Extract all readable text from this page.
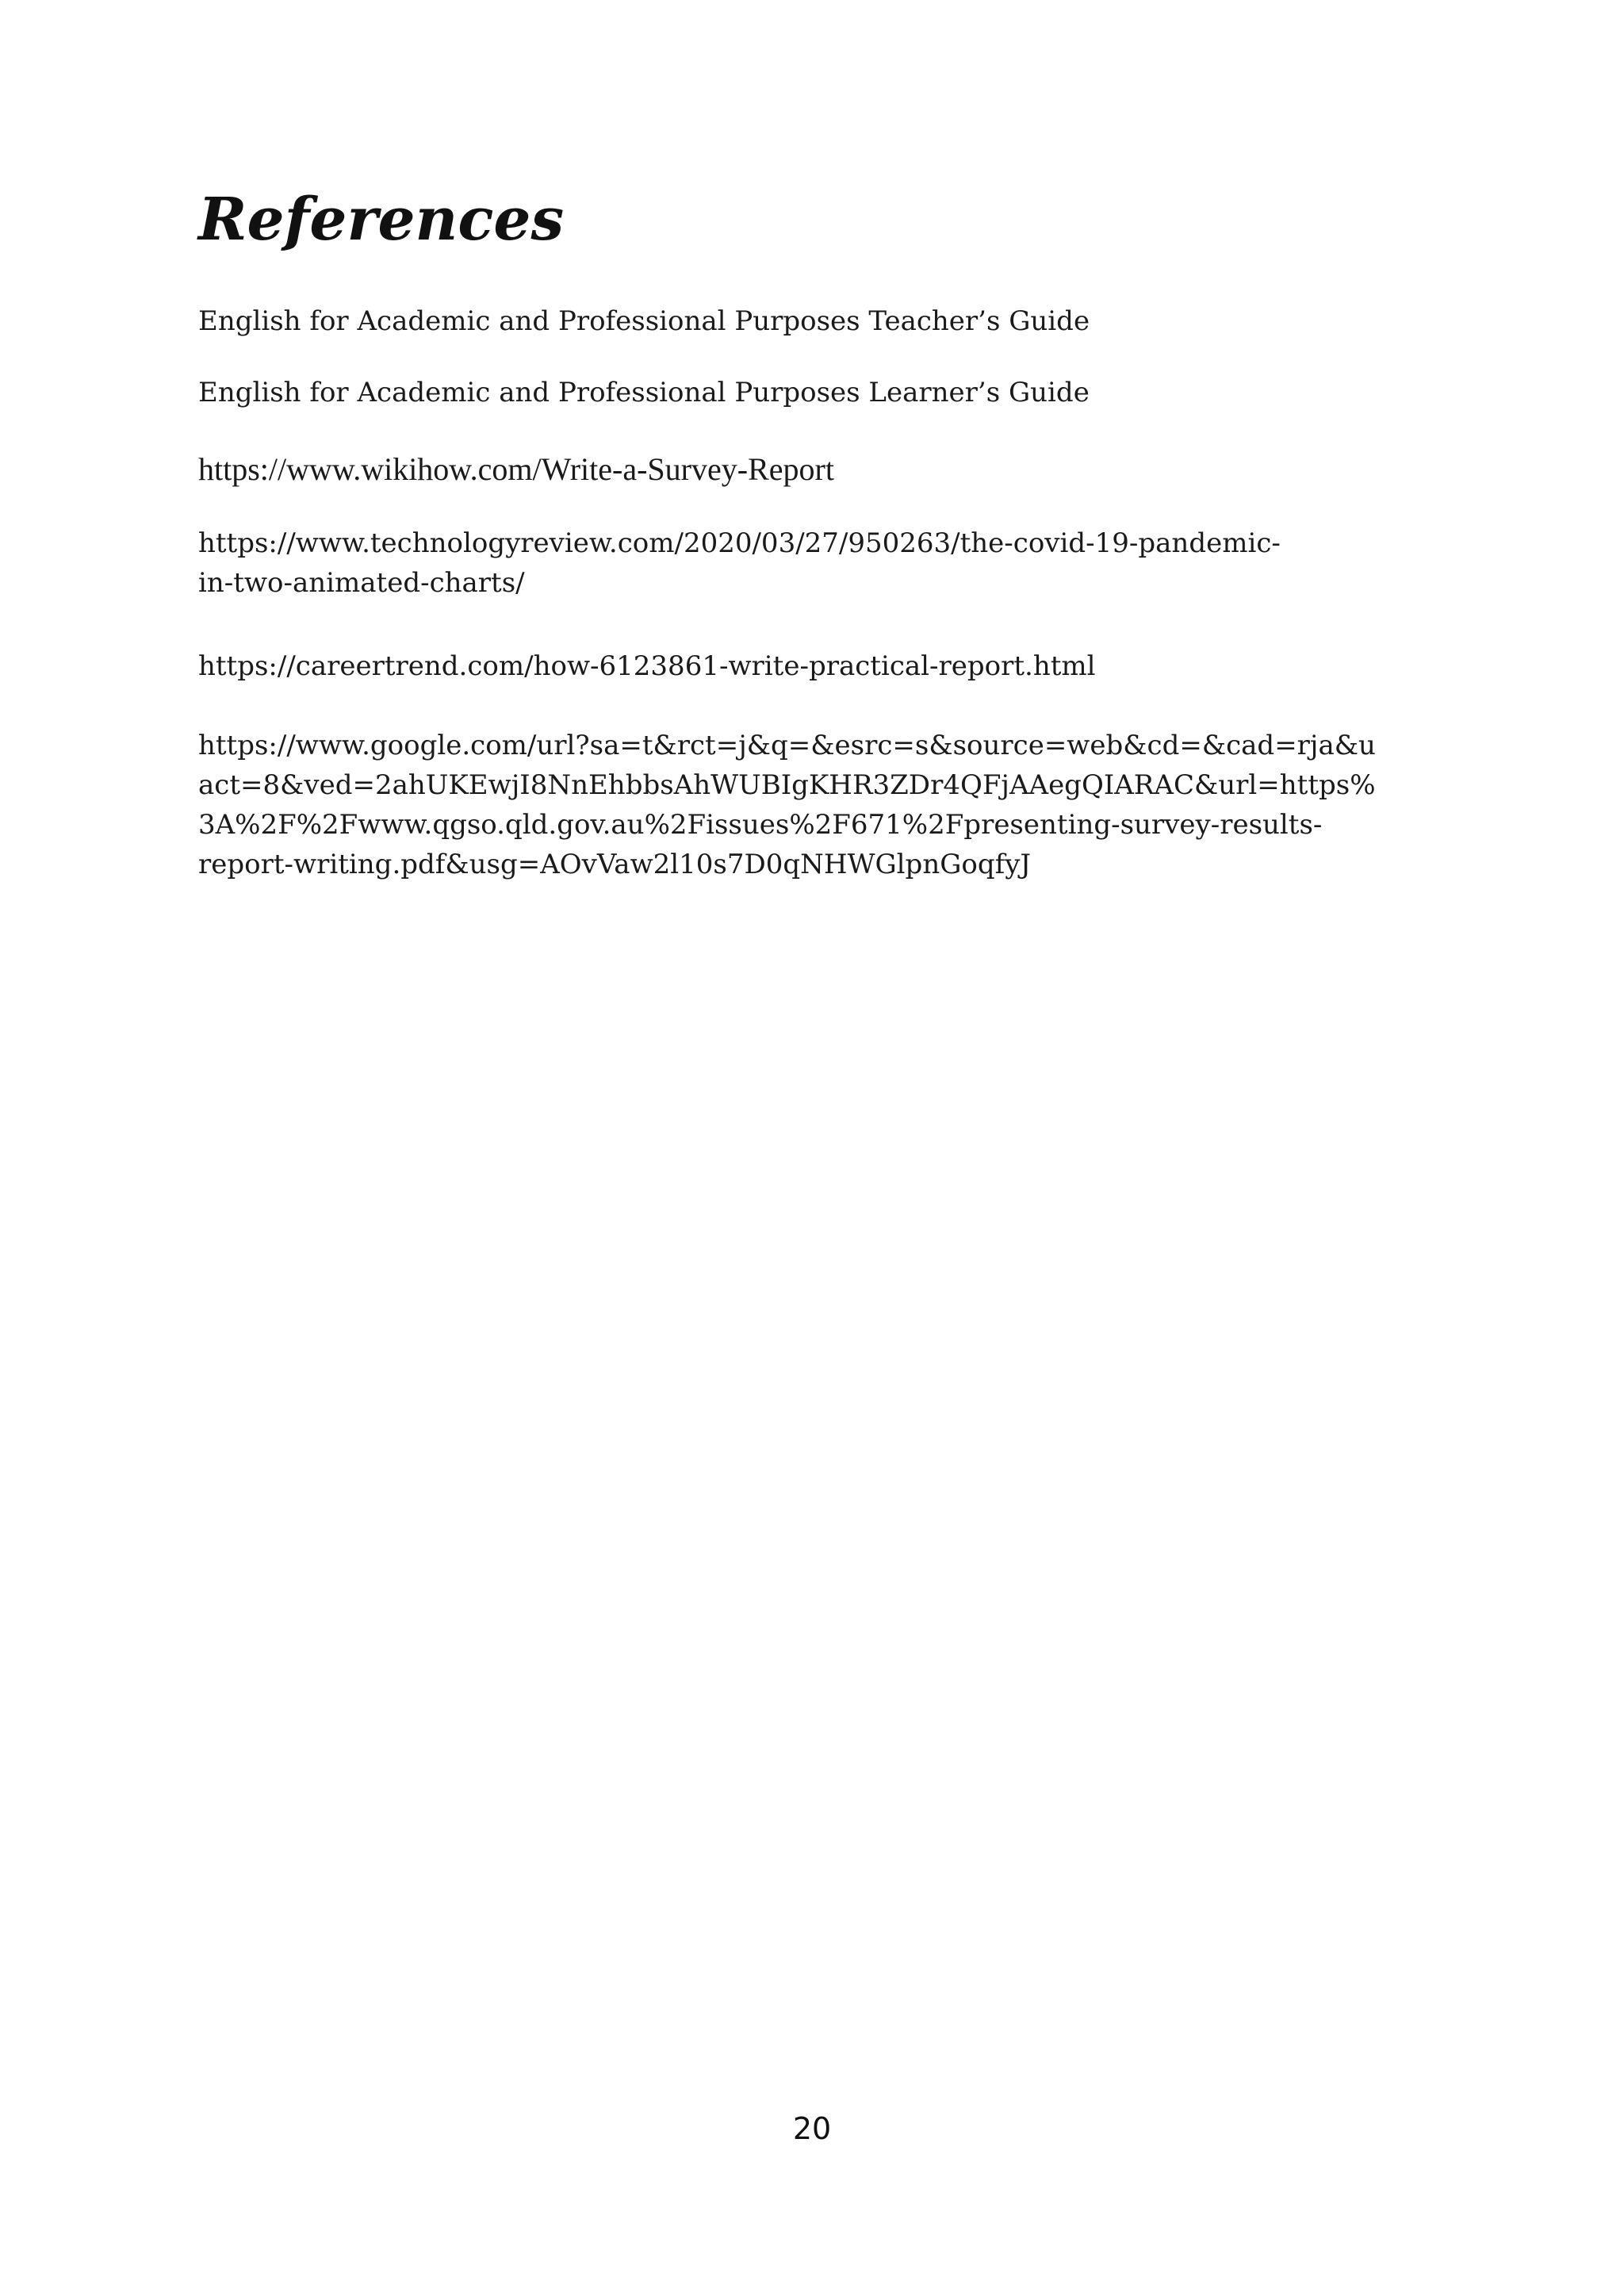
References
English for Academic and Professional Purposes Teacher’s Guide
English for Academic and Professional Purposes Learner’s Guide
https://www.wikihow.com/Write-a-Survey-Report
https://www.technologyreview.com/2020/03/27/950263/the-covid-19-pandemic-
in-two-animated-charts/
https://careertrend.com/how-6123861-write-practical-report.html
https://www.google.com/url?sa=t&rct=j&q=&esrc=s&source=web&cd=&cad=rja&u
act=8&ved=2ahUKEwjI8NnEhbbsAhWUBIgKHR3ZDr4QFjAAegQIARAC&url=https%
3A%2F%2Fwww.qgso.qld.gov.au%2Fissues%2F671%2Fpresenting-survey-results-
report-writing.pdf&usg=AOvVaw2l10s7D0qNHWGlpnGoqfyJ
20
